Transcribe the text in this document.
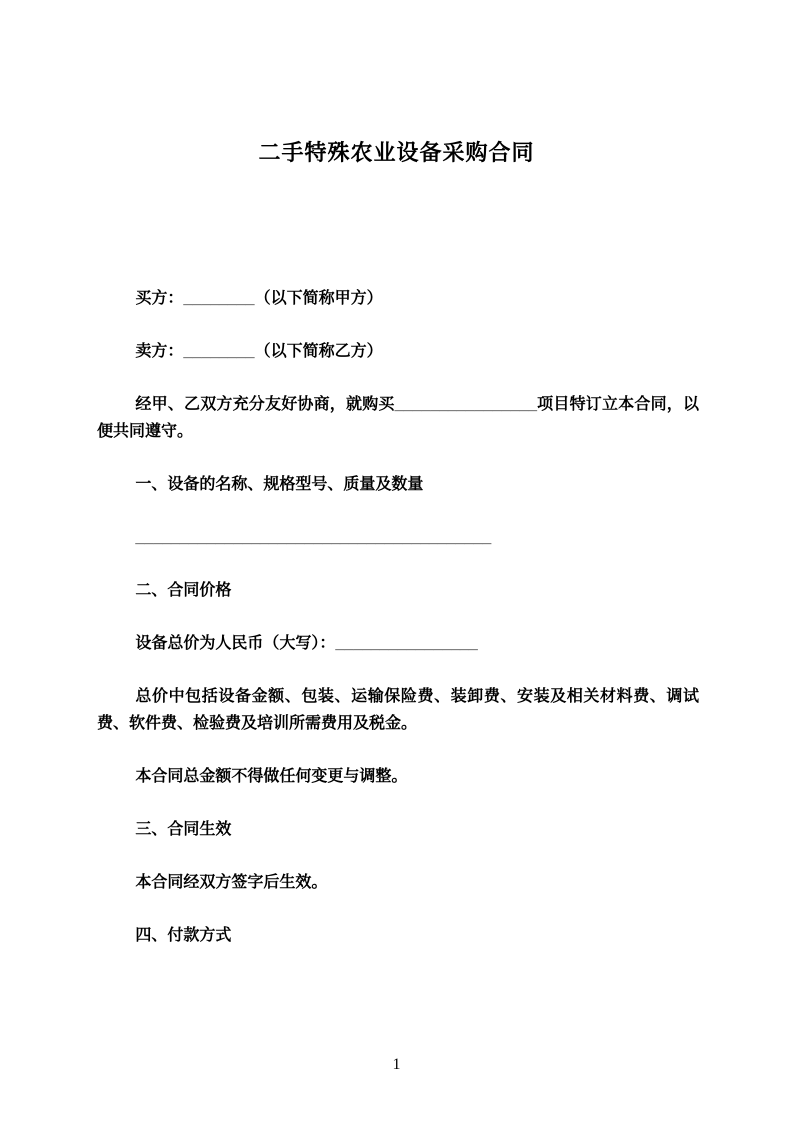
二手特殊农业设备采购合同

买方：________（以下简称甲方）

卖方：________（以下简称乙方）

经甲、乙双方充分友好协商，就购买________________项目特订立本合同，以便共同遵守。

一、设备的名称、规格型号、质量及数量

________________________________________

二、合同价格

设备总价为人民币（大写）：________________

总价中包括设备金额、包装、运输保险费、装卸费、安装及相关材料费、调试费、软件费、检验费及培训所需费用及税金。

本合同总金额不得做任何变更与调整。

三、合同生效

本合同经双方签字后生效。

四、付款方式

1
